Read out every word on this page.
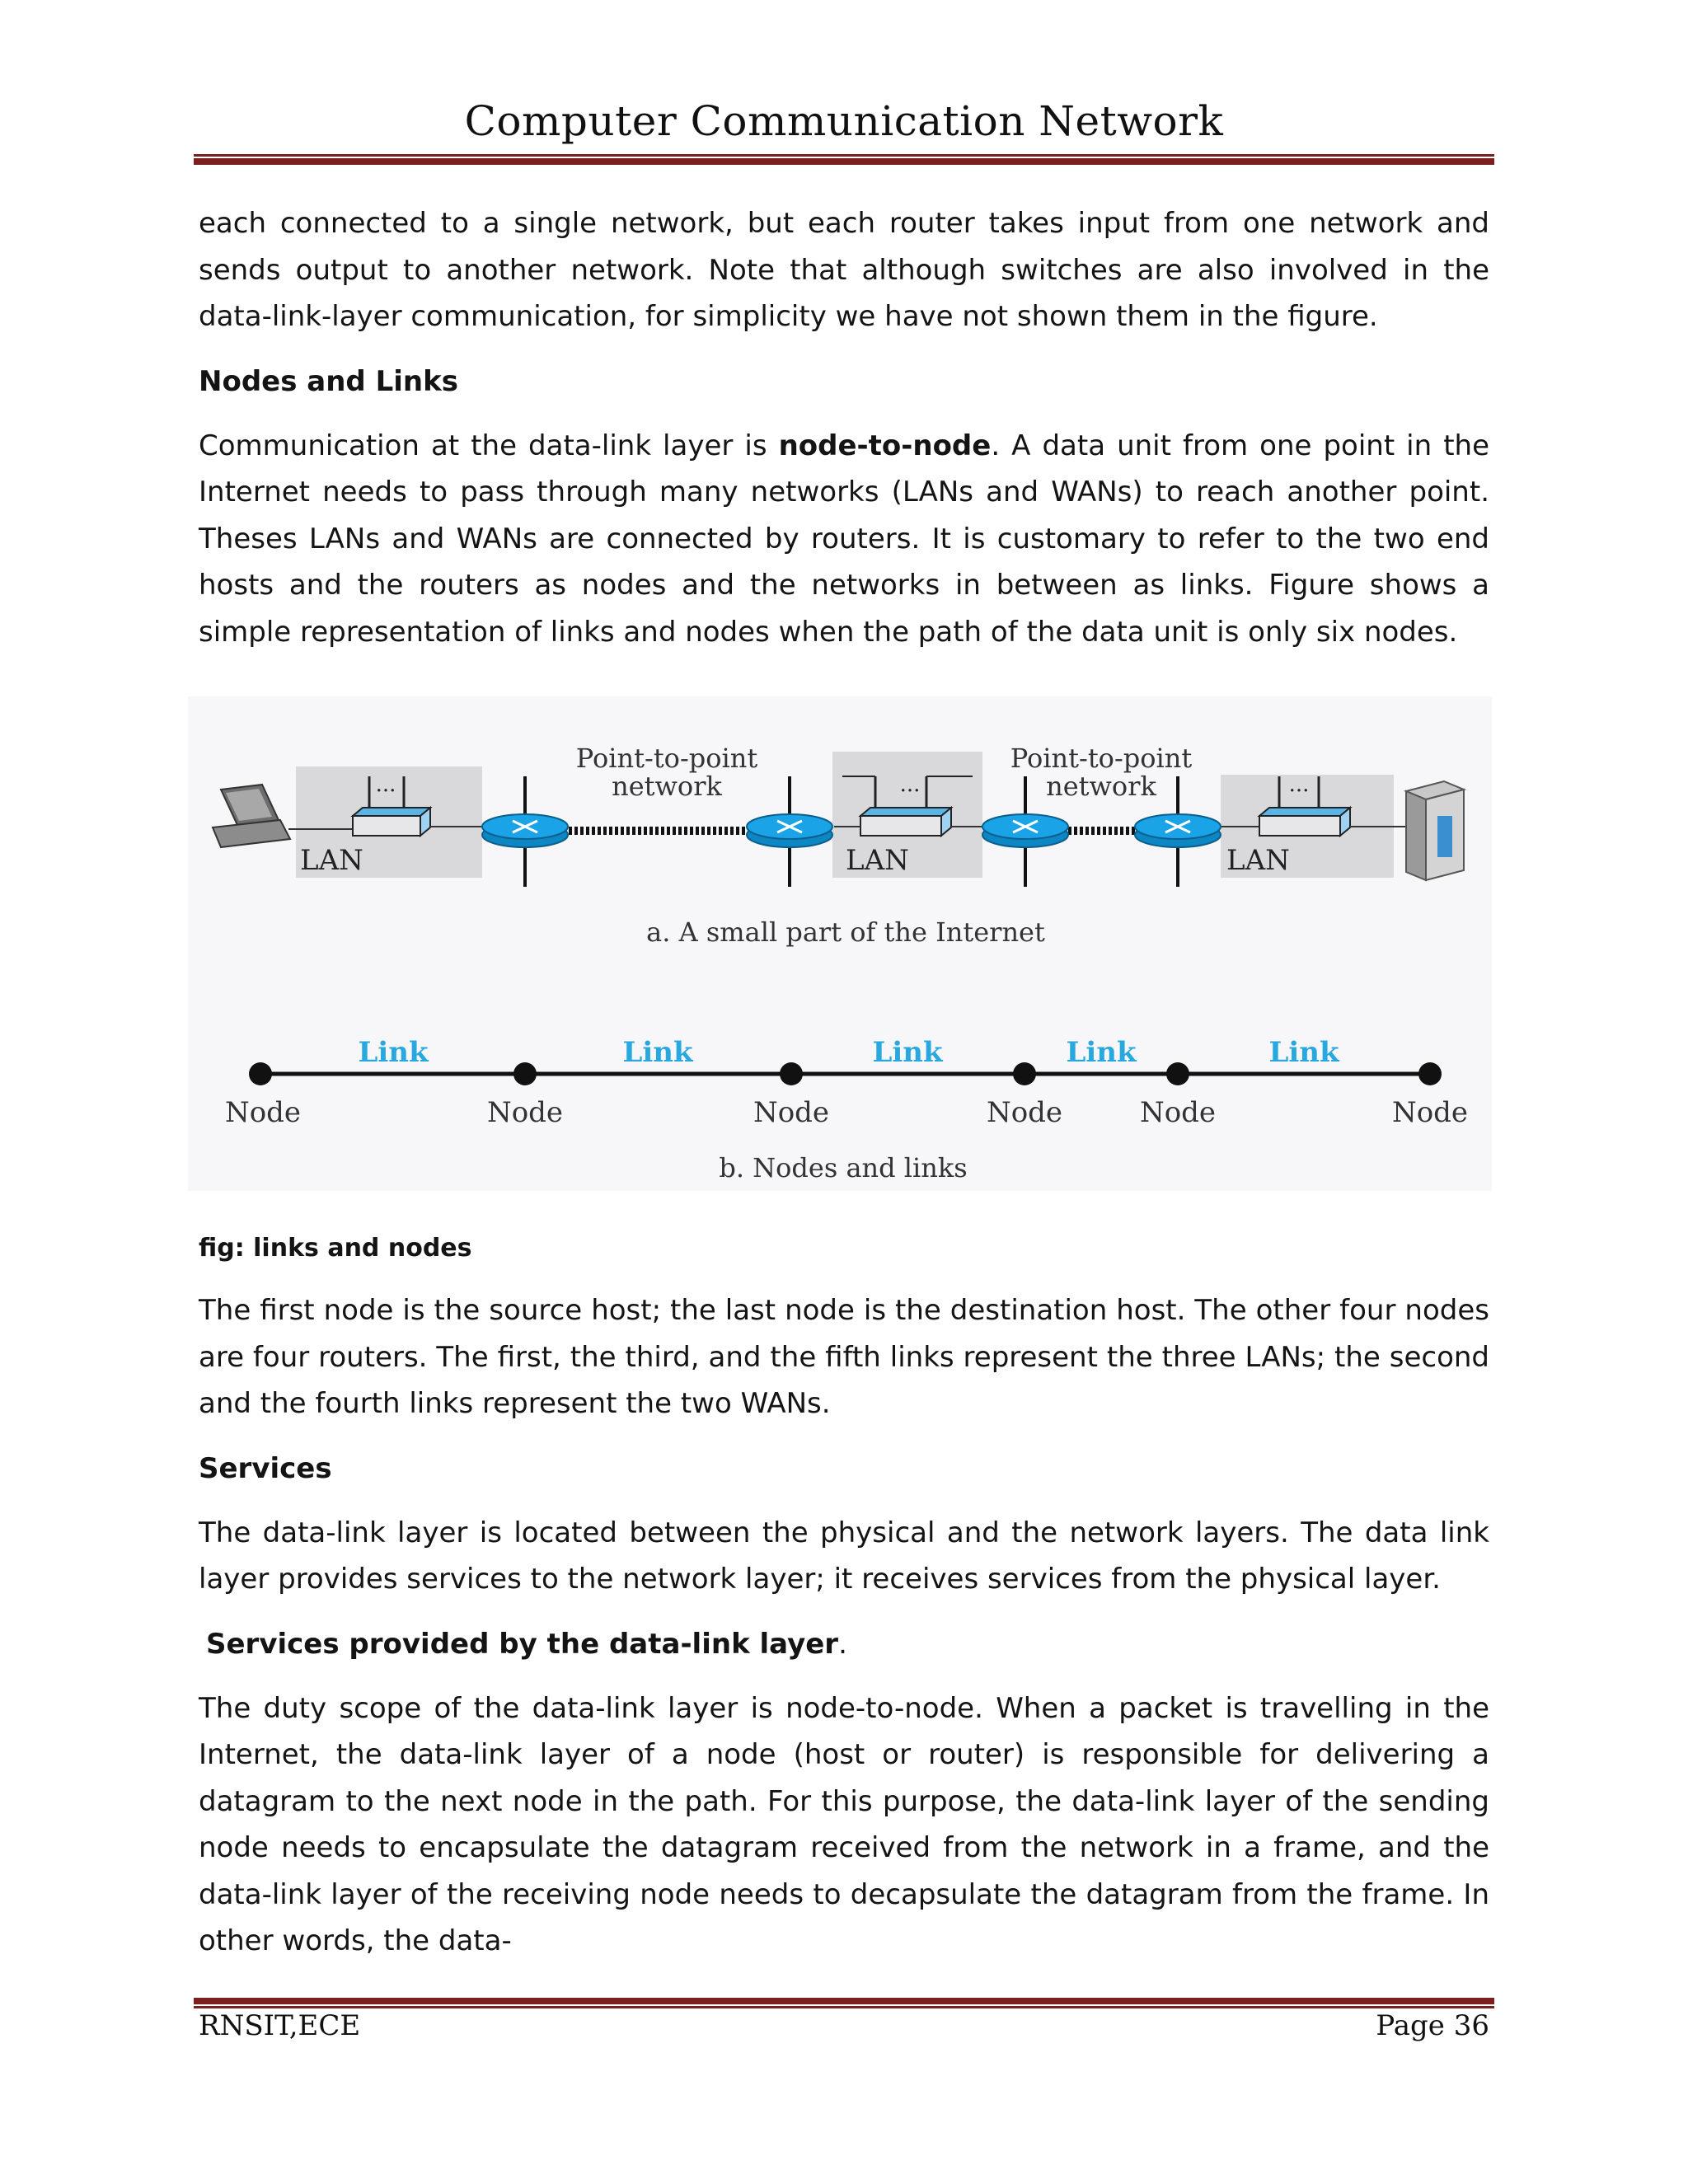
Computer Communication Network

each connected to a single network, but each router takes input from one network and sends output to another network. Note that although switches are also involved in the data-link-layer communication, for simplicity we have not shown them in the figure.

Nodes and Links

Communication at the data-link layer is node-to-node. A data unit from one point in the Internet needs to pass through many networks (LANs and WANs) to reach another point. Theses LANs and WANs are connected by routers. It is customary to refer to the two end hosts and the routers as nodes and the networks in between as links. Figure shows a simple representation of links and nodes when the path of the data unit is only six nodes.

...	...	...
LAN	LAN	LAN
Point-to-point
network
Point-to-point
network
a. A small part of the Internet
Link	Link	Link	Link	Link
Node	Node	Node	Node	Node	Node
b. Nodes and links

fig: links and nodes

The first node is the source host; the last node is the destination host. The other four nodes are four routers. The first, the third, and the fifth links represent the three LANs; the second and the fourth links represent the two WANs.

Services

The data-link layer is located between the physical and the network layers. The data link layer provides services to the network layer; it receives services from the physical layer.

Services provided by the data-link layer.

The duty scope of the data-link layer is node-to-node. When a packet is travelling in the Internet, the data-link layer of a node (host or router) is responsible for delivering a datagram to the next node in the path. For this purpose, the data-link layer of the sending node needs to encapsulate the datagram received from the network in a frame, and the data-link layer of the receiving node needs to decapsulate the datagram from the frame. In other words, the data-

RNSIT,ECE	Page 36
